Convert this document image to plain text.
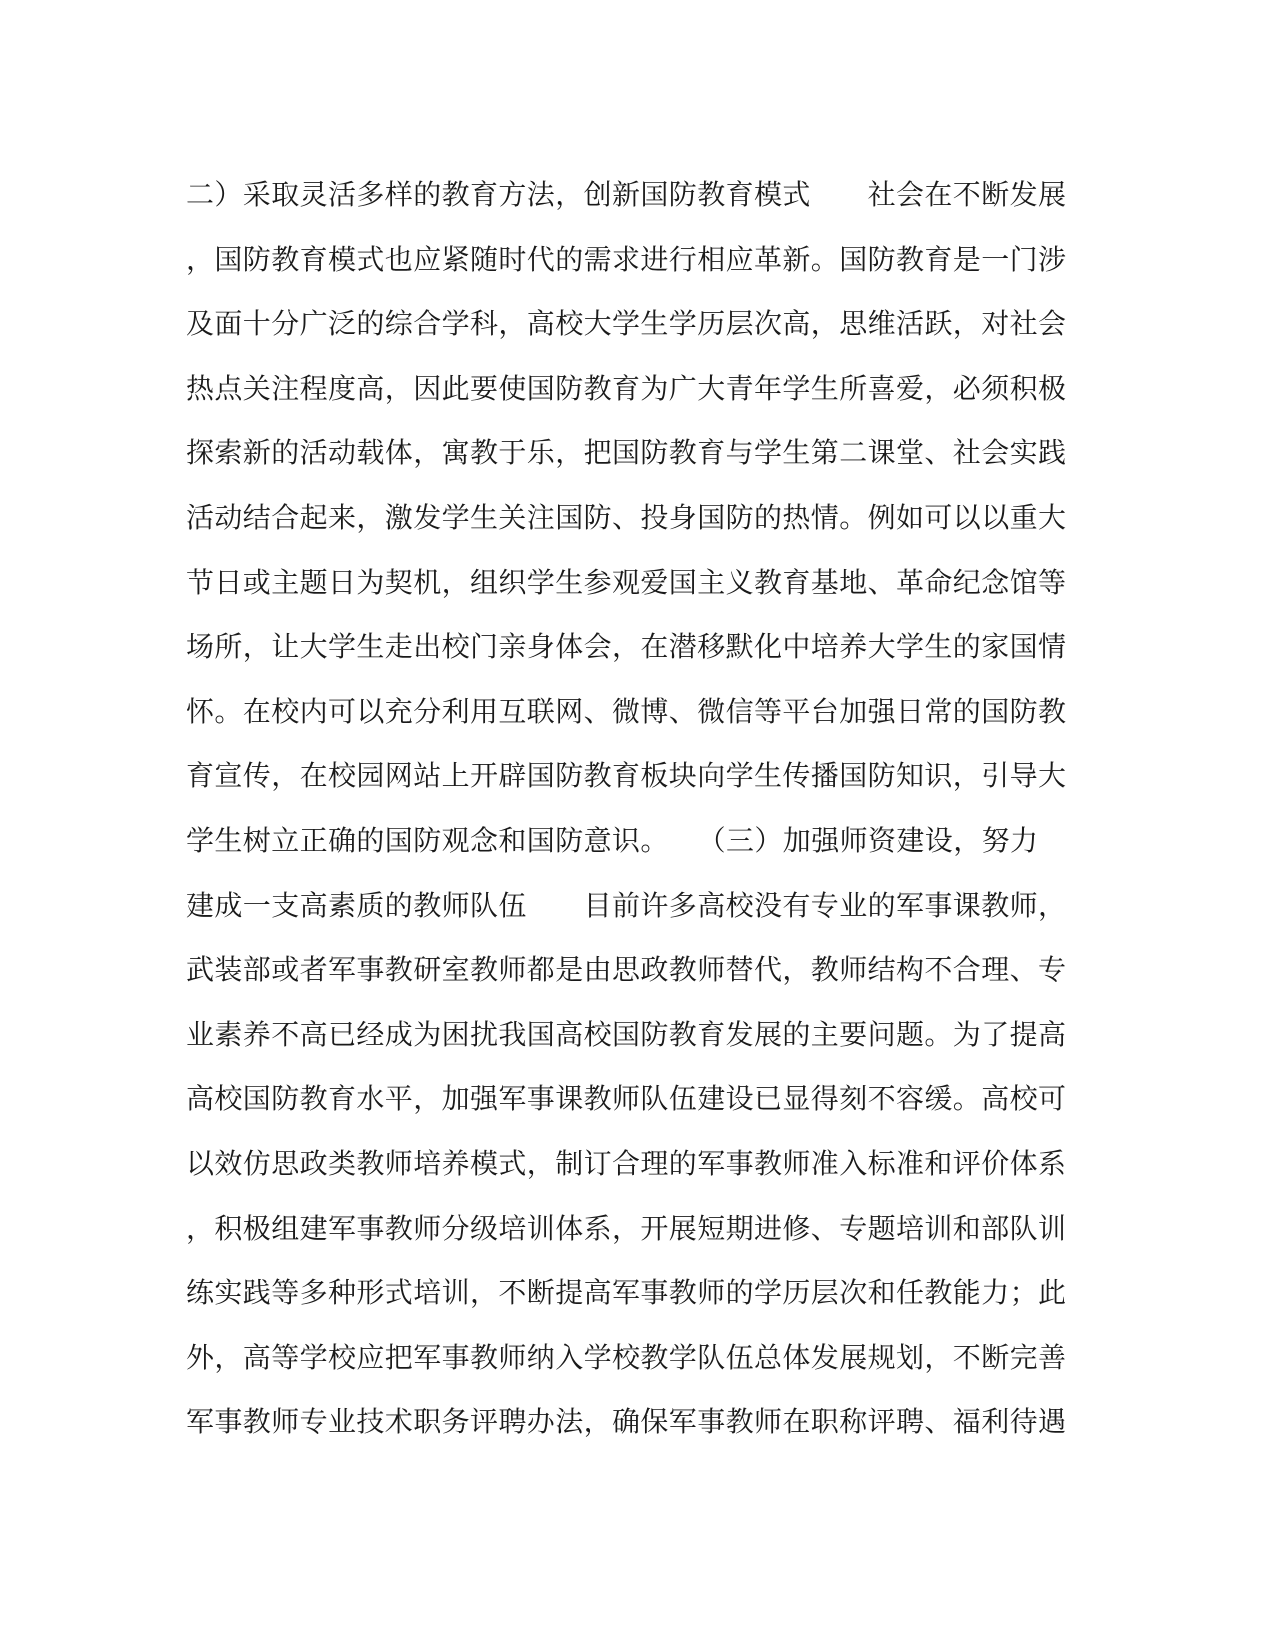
二）采取灵活多样的教育方法，创新国防教育模式　　社会在不断发展
，国防教育模式也应紧随时代的需求进行相应革新。国防教育是一门涉
及面十分广泛的综合学科，高校大学生学历层次高，思维活跃，对社会
热点关注程度高，因此要使国防教育为广大青年学生所喜爱，必须积极
探索新的活动载体，寓教于乐，把国防教育与学生第二课堂、社会实践
活动结合起来，激发学生关注国防、投身国防的热情。例如可以以重大
节日或主题日为契机，组织学生参观爱国主义教育基地、革命纪念馆等
场所，让大学生走出校门亲身体会，在潜移默化中培养大学生的家国情
怀。在校内可以充分利用互联网、微博、微信等平台加强日常的国防教
育宣传，在校园网站上开辟国防教育板块向学生传播国防知识，引导大
学生树立正确的国防观念和国防意识。　　（三）加强师资建设，努力
建成一支高素质的教师队伍　　目前许多高校没有专业的军事课教师，
武装部或者军事教研室教师都是由思政教师替代，教师结构不合理、专
业素养不高已经成为困扰我国高校国防教育发展的主要问题。为了提高
高校国防教育水平，加强军事课教师队伍建设已显得刻不容缓。高校可
以效仿思政类教师培养模式，制订合理的军事教师准入标准和评价体系
，积极组建军事教师分级培训体系，开展短期进修、专题培训和部队训
练实践等多种形式培训，不断提高军事教师的学历层次和任教能力；此
外，高等学校应把军事教师纳入学校教学队伍总体发展规划，不断完善
军事教师专业技术职务评聘办法，确保军事教师在职称评聘、福利待遇
